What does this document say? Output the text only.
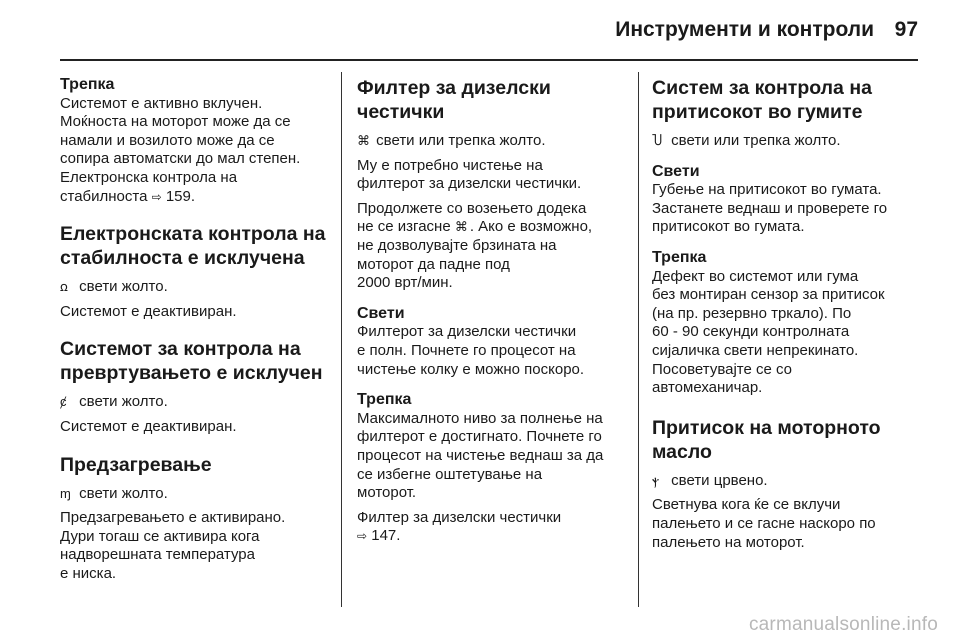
Инструменти и контроли 97
Трепка

Системот е активно вклучен.
Моќноста на моторот може да се
намали и возилото може да се
сопира автоматски до мал степен.
Електронска контрола на
стабилноста ⇨ 159.

Електронската контрола на
стабилноста е исклучена

ꭥ свети жолто.

Системот е деактивиран.

Системот за контрола на
превртувањето е исклучен

ȼ свети жолто.

Системот е деактивиран.

Предзагревање

ɱ свети жолто.

Предзагревањето е активирано.
Дури тогаш се активира кога
надворешната температура
е ниска.

Филтер за дизелски
честички

⌘ свети или трепка жолто.

Му е потребно чистење на
филтерот за дизелски честички.

Продолжете со возењето додека
не се изгасне ⌘ . Ако е возможно,
не дозволувајте брзината на
моторот да падне под
2000 врт/мин.

Свети

Филтерот за дизелски честички
е полн. Почнете го процесот на
чистење колку е можно поскоро.

Трепка

Максималното ниво за полнење на
филтерот е достигнато. Почнете го
процесот на чистење веднаш за да
се избегне оштетување на
моторот.

Филтер за дизелски честички
⇨ 147.

Систем за контрола на
притисокот во гумите

Ⴎ свети или трепка жолто.

Свети

Губење на притисокот во гумата.
Застанете веднаш и проверете го
притисокот во гумата.

Трепка

Дефект во системот или гума
без монтиран сензор за притисок
(на пр. резервно тркало). По
60 - 90 секунди контролната
сијаличка свети непрекинато.
Посоветувајте се со
автомеханичар.

Притисок на моторното
масло

ⲯ свети црвено.

Светнува кога ќе се вклучи
палењето и се гасне наскоро по
палењето на моторот.

carmanualsonline.info
